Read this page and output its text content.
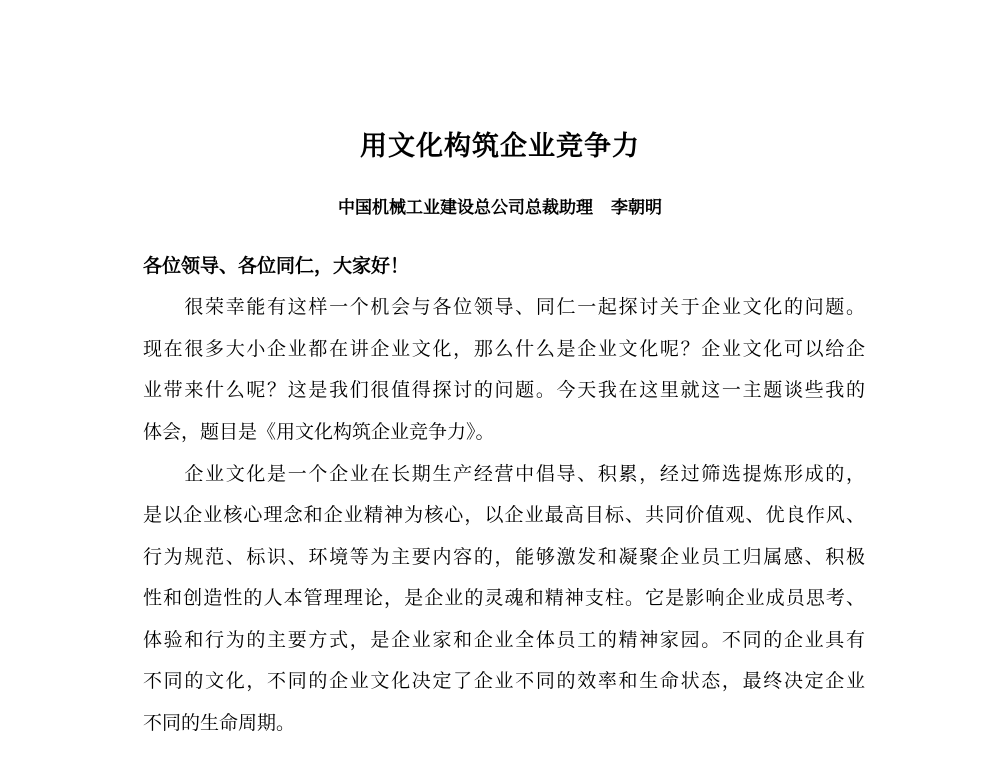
用文化构筑企业竞争力
中国机械工业建设总公司总裁助理 李朝明
各位领导、各位同仁，大家好！
　　很荣幸能有这样一个机会与各位领导、同仁一起探讨关于企业文化的问题。
现在很多大小企业都在讲企业文化，那么什么是企业文化呢？企业文化可以给企
业带来什么呢？这是我们很值得探讨的问题。今天我在这里就这一主题谈些我的
体会，题目是《用文化构筑企业竞争力》。
　　企业文化是一个企业在长期生产经营中倡导、积累，经过筛选提炼形成的，
是以企业核心理念和企业精神为核心，以企业最高目标、共同价值观、优良作风、
行为规范、标识、环境等为主要内容的，能够激发和凝聚企业员工归属感、积极
性和创造性的人本管理理论，是企业的灵魂和精神支柱。它是影响企业成员思考、
体验和行为的主要方式，是企业家和企业全体员工的精神家园。不同的企业具有
不同的文化，不同的企业文化决定了企业不同的效率和生命状态，最终决定企业
不同的生命周期。
